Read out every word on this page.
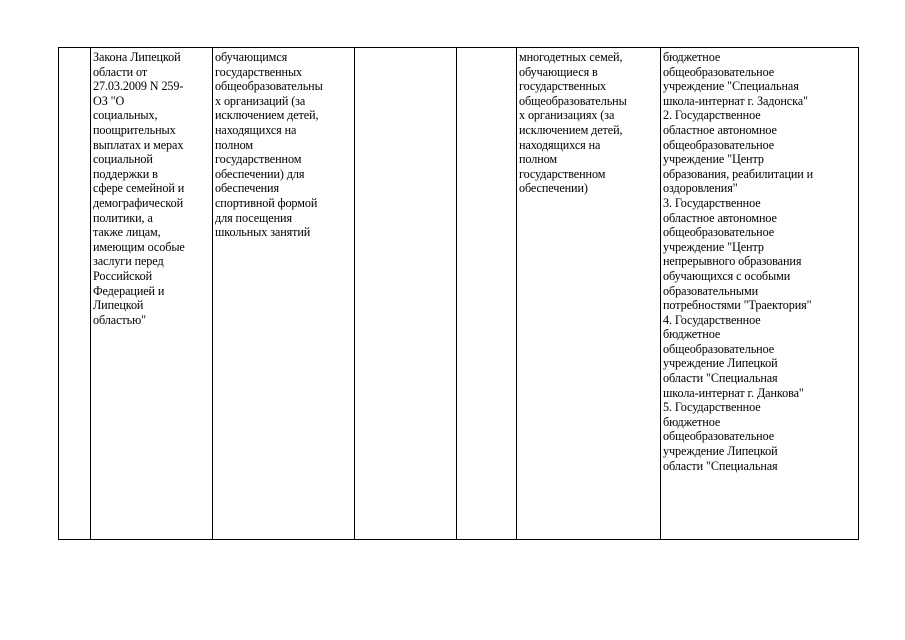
	Закона Липецкой
области от
27.03.2009 N 259-
ОЗ "О
социальных,
поощрительных
выплатах и мерах
социальной
поддержки в
сфере семейной и
демографической
политики, а
также лицам,
имеющим особые
заслуги перед
Российской
Федерацией и
Липецкой
областью"	обучающимся
государственных
общеобразовательны
х организаций (за
исключением детей,
находящихся на
полном
государственном
обеспечении) для
обеспечения
спортивной формой
для посещения
школьных занятий			многодетных семей,
обучающиеся в
государственных
общеобразовательны
х организациях (за
исключением детей,
находящихся на
полном
государственном
обеспечении)	бюджетное
общеобразовательное
учреждение "Специальная
школа-интернат г. Задонска"
2. Государственное
областное автономное
общеобразовательное
учреждение "Центр
образования, реабилитации и
оздоровления"
3. Государственное
областное автономное
общеобразовательное
учреждение "Центр
непрерывного образования
обучающихся с особыми
образовательными
потребностями "Траектория"
4. Государственное
бюджетное
общеобразовательное
учреждение Липецкой
области "Специальная
школа-интернат г. Данкова"
5. Государственное
бюджетное
общеобразовательное
учреждение Липецкой
области "Специальная
